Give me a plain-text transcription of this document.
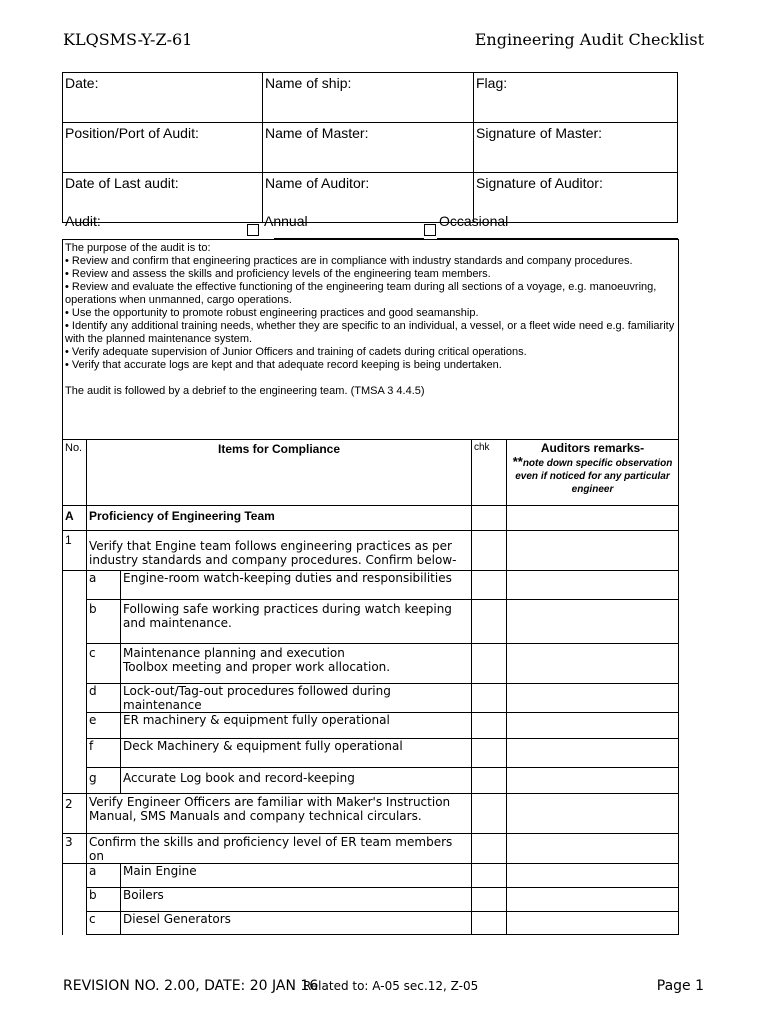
KLQSMS-Y-Z-61	Engineering Audit Checklist
Date:	Name of ship:	Flag:
Position/Port of Audit:	Name of Master:	Signature of Master:
Date of Last audit:	Name of Auditor:	Signature of Auditor:
Audit:	Annual	Occasional

The purpose of the audit is to:

• Review and confirm that engineering practices are in compliance with industry standards and company procedures.

• Review and assess the skills and proficiency levels of the engineering team members.

• Review and evaluate the effective functioning of the engineering team during all sections of a voyage, e.g. manoeuvring, operations when unmanned, cargo operations.

• Use the opportunity to promote robust engineering practices and good seamanship.

• Identify any additional training needs, whether they are specific to an individual, a vessel, or a fleet wide need e.g. familiarity with the planned maintenance system.

• Verify adequate supervision of Junior Officers and training of cadets during critical operations.

• Verify that accurate logs are kept and that adequate record keeping is being undertaken.

The audit is followed by a debrief to the engineering team. (TMSA 3 4.4.5)

No.	Items for Compliance		chk	Auditors remarks-
**note down specific observation even if noticed for any particular engineer

A	Proficiency of Engineering Team			
1	Verify that Engine team follows engineering practices as per industry standards and company procedures. Confirm below-			
	a	Engine-room watch-keeping duties and responsibilities		
	b	Following safe working practices during watch keeping and maintenance.		
	c	Maintenance planning and execution
Toolbox meeting and proper work allocation.		

	d	Lock-out/Tag-out procedures followed during maintenance		
	e	ER machinery & equipment fully operational		
	f	Deck Machinery & equipment fully operational		
	g	Accurate Log book and record-keeping		
2	Verify Engineer Officers are familiar with Maker's Instruction Manual, SMS Manuals and company technical circulars.			
3	Confirm the skills and proficiency level of ER team members on			
	a	Main Engine		
	b	Boilers		
	c	Diesel Generators		
REVISION NO. 2.00, DATE: 20 JAN 16
Related to: A-05 sec.12, Z-05	Page 1
